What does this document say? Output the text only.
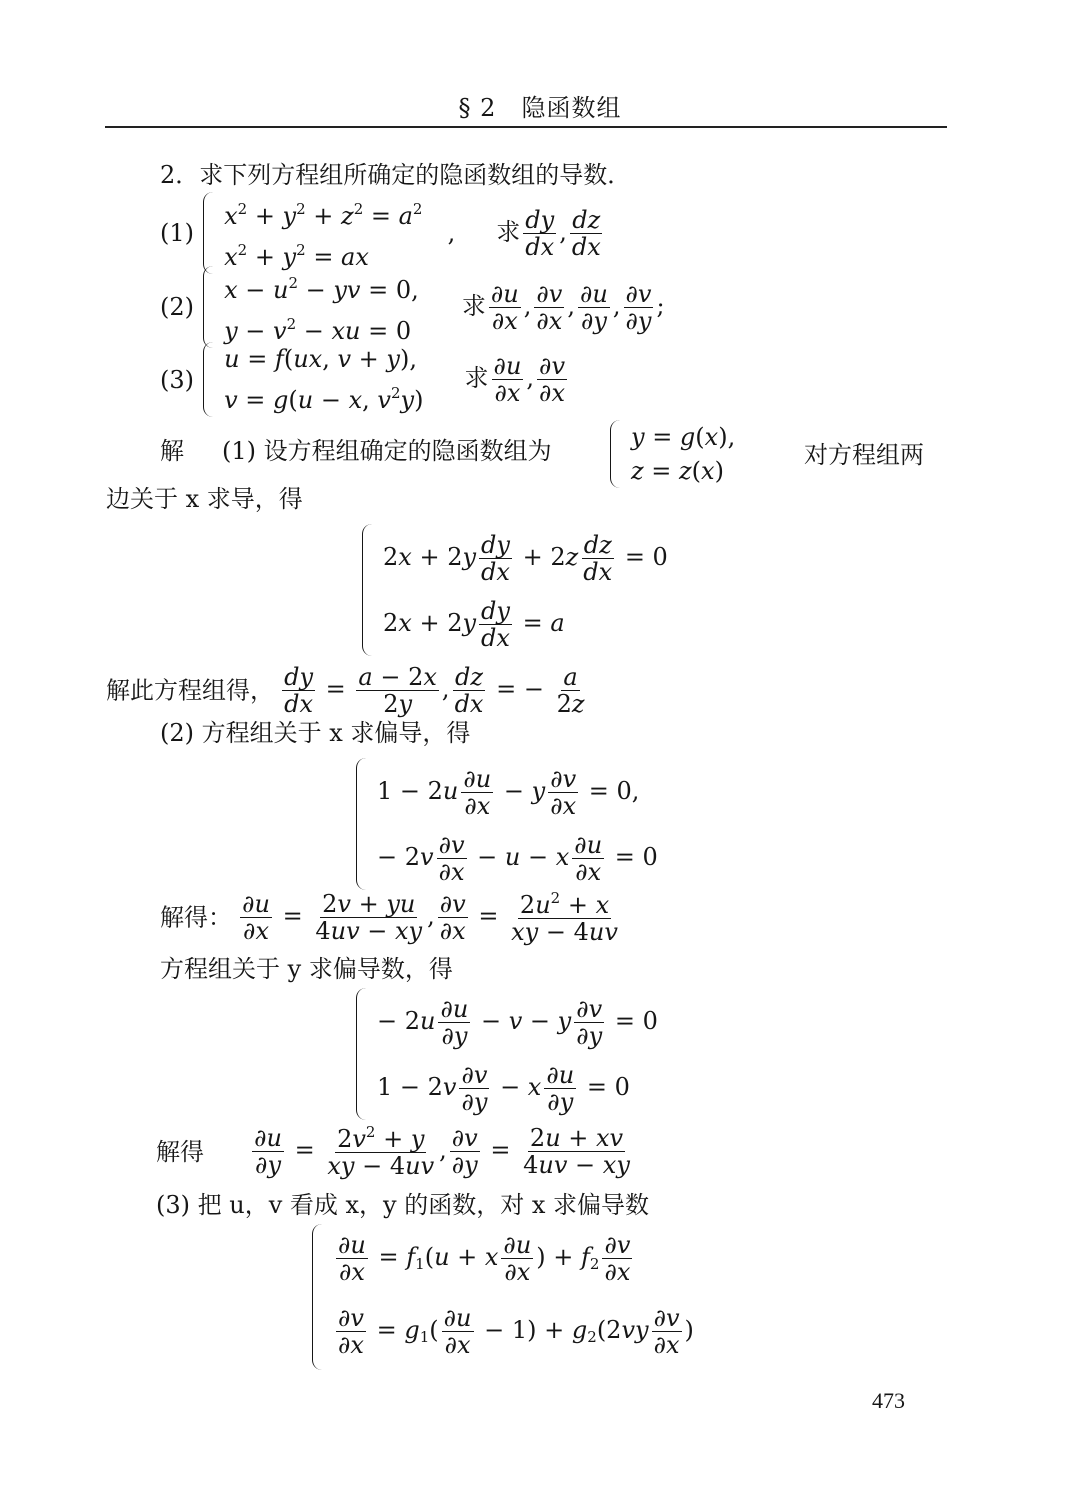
§ 2　隐函数组
2．求下列方程组所确定的隐函数组的导数．
(1)
$x^2 + y^2 + z^2 = a^2$
$x^2 + y^2$ = ax
, 求 $\frac{dy}{dx}$ , $\frac{dz}{dx}$
(2)
$x - u^2$ − yv = 0,
$y - v^2$ − xu = 0
求 $\frac{\partial u}{\partial x}$ , $\frac{\partial v}{\partial x}$ , $\frac{\partial u}{\partial y}$ , $\frac{\partial v}{\partial y}$ ;
(3)
u = f(ux, v + y),
v = g(u − x, $v^2y$)
求 $\frac{\partial u}{\partial x}$ , $\frac{\partial v}{\partial x}$
解 (1) 设方程组确定的隐函数组为	y = g(x),
z = z(x)
对方程组两
边关于 x 求导，得
$2x + 2y \frac{dy}{dx} + 2z \frac{dz}{dx} = 0$
$2x + 2y \frac{dy}{dx} = a$
解此方程组得， $\frac{dy}{dx} = \frac{a - 2x}{2y}$ , $\frac{dz}{dx}$ = − $\frac{a}{2z}$
(2) 方程组关于 x 求偏导，得
$1 - 2u \frac{\partial u}{\partial x} - y \frac{\partial v}{\partial x} = 0$,
− $2v \frac{\partial v}{\partial x} - u - x \frac{\partial u}{\partial x} = 0$
解得： $\frac{\partial u}{\partial x} = \frac{2v + yu}{4uv - xy}$ , $\frac{\partial v}{\partial x} = \frac{2u^2 + x}{xy - 4uv}$
方程组关于 y 求偏导数，得
− $2u \frac{\partial u}{\partial y} - v - y \frac{\partial v}{\partial y} = 0$
$1 - 2v \frac{\partial v}{\partial y} - x \frac{\partial u}{\partial y} = 0$
解得 $\frac{\partial u}{\partial y} = \frac{2v^2 + y}{xy - 4uv}$ , $\frac{\partial v}{\partial y} = \frac{2u + xv}{4uv - xy}$
(3) 把 u，v 看成 x，y 的函数，对 x 求偏导数
$\frac{\partial u}{\partial x} = f_1(u + x \frac{\partial u}{\partial x}$ ) + $f_2 \frac{\partial v}{\partial x}$
$\frac{\partial v}{\partial x} = g_1( \frac{\partial u}{\partial x} - 1) + g_2(2vy \frac{\partial v}{\partial x}$ )
473
